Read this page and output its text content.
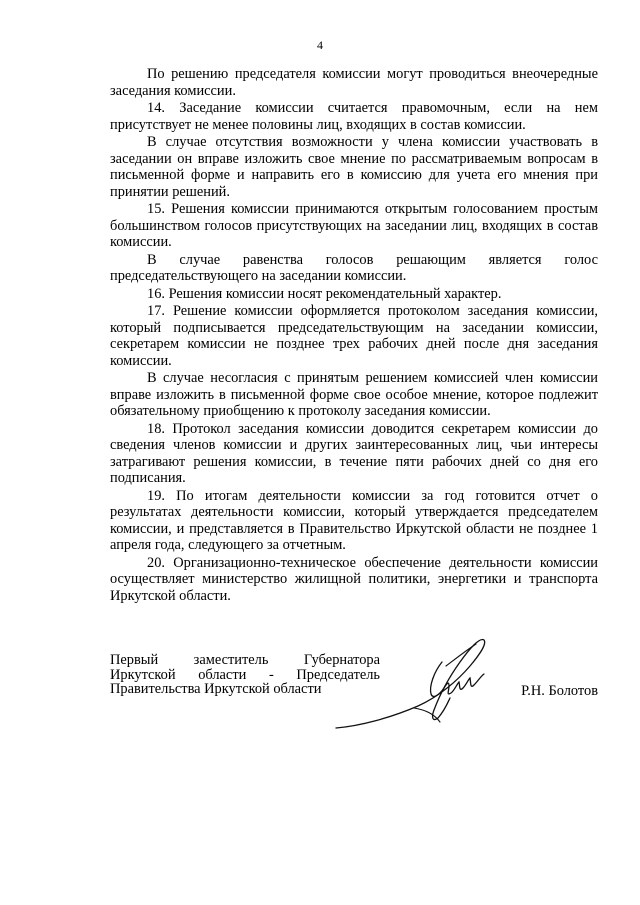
4

По решению председателя комиссии могут проводиться внеочередные заседания комиссии.

14. Заседание комиссии считается правомочным, если на нем присутствует не менее половины лиц, входящих в состав комиссии.

В случае отсутствия возможности у члена комиссии участвовать в заседании он вправе изложить свое мнение по рассматриваемым вопросам в письменной форме и направить его в комиссию для учета его мнения при принятии решений.

15. Решения комиссии принимаются открытым голосованием простым большинством голосов присутствующих на заседании лиц, входящих в состав комиссии.

В случае равенства голосов решающим является голос председательствующего на заседании комиссии.

16. Решения комиссии носят рекомендательный характер.

17. Решение комиссии оформляется протоколом заседания комиссии, который подписывается председательствующим на заседании комиссии, секретарем комиссии не позднее трех рабочих дней после дня заседания комиссии.

В случае несогласия с принятым решением комиссией член комиссии вправе изложить в письменной форме свое особое мнение, которое подлежит обязательному приобщению к протоколу заседания комиссии.

18. Протокол заседания комиссии доводится секретарем комиссии до сведения членов комиссии и других заинтересованных лиц, чьи интересы затрагивают решения комиссии, в течение пяти рабочих дней со дня его подписания.

19. По итогам деятельности комиссии за год готовится отчет о результатах деятельности комиссии, который утверждается председателем комиссии, и представляется в Правительство Иркутской области не позднее 1 апреля года, следующего за отчетным.

20. Организационно-техническое обеспечение деятельности комиссии осуществляет министерство жилищной политики, энергетики и транспорта Иркутской области.

Первый заместитель Губернатора
Иркутской области - Председатель
Правительства Иркутской области	Р.Н. Болотов
